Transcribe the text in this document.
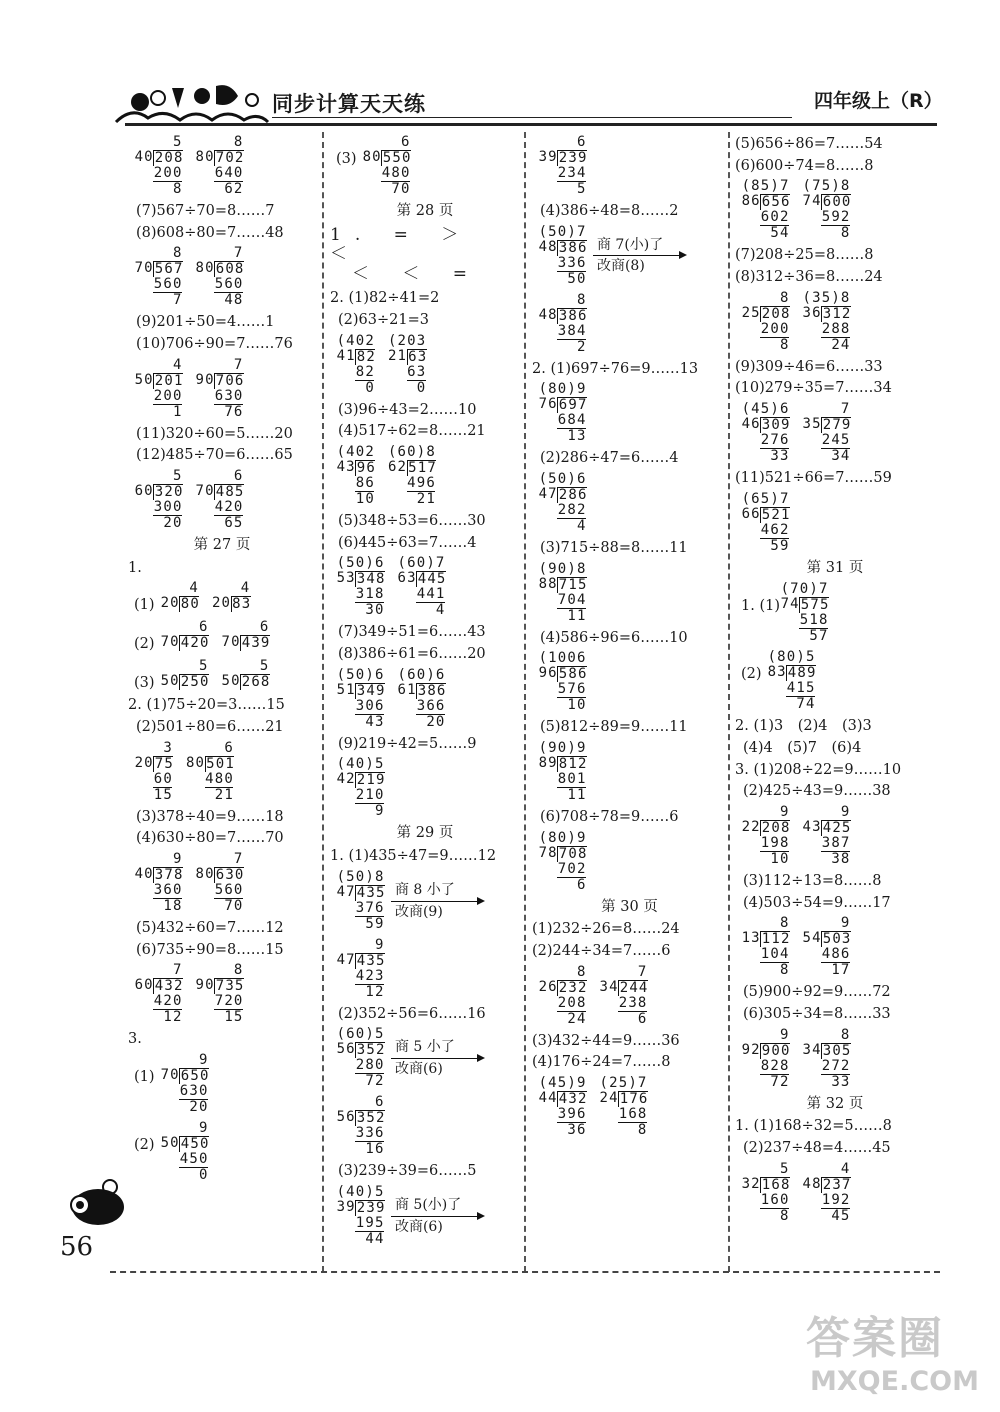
同步计算天天练	四年级上（R）
5
4 0 2 0 8
2 0 0
8
8
8 0 7 0 2
6 4 0
6 2
(7)567÷70=8……7
(8)608÷80=7……48
8
7 0 5 6 7
5 6 0
7
7
8 0 6 0 8
5 6 0
4 8
(9)201÷50=4……1
(10)706÷90=7……76
4
5 0 2 0 1
2 0 0
1
7
9 0 7 0 6
6 3 0
7 6
(11)320÷60=5……20
(12)485÷70=6……65
5
6 0 3 2 0
3 0 0
2 0
6
7 0 4 8 5
4 2 0
6 5
第 27 页
1.
(1)
4
2 0 8 0
4
2 0 8 3
(2)
6
7 0 4 2 0
6
7 0 4 3 9
(3)
5
5 0 2 5 0
5
5 0 2 6 8
2. (1)75÷20=3……15
(2)501÷80=6……21
3
2 0 7 5
6 0
1 5
6
8 0 5 0 1
4 8 0
2 1
(3)378÷40=9……18
(4)630÷80=7……70
9
4 0 3 7 8
3 6 0
1 8
7
8 0 6 3 0
5 6 0
7 0
(5)432÷60=7……12
(6)735÷90=8……15
7
6 0 4 3 2
4 2 0
1 2
8
9 0 7 3 5
7 2 0
1 5
3.
(1)
9
7 0 6 5 0
6 3 0
2 0
(2)
9
5 0 4 5 0
4 5 0
0
(3)
6
8 0 5 5 0
4 8 0
7 0
第 28 页
1. = ＞ ＜
＜ ＜ =
2. (1)82÷41=2
(2)63÷21=3
( 4 0 2
4 1 8 2
8 2
0
( 2 0 3
2 1 6 3
6 3
0
(3)96÷43=2……10
(4)517÷62=8……21
( 4 0 2
4 3 9 6
8 6
1 0
( 6 0 ) 8
6 2 5 1 7
4 9 6
2 1
(5)348÷53=6……30
(6)445÷63=7……4
( 5 0 ) 6
5 3 3 4 8
3 1 8
3 0
( 6 0 ) 7
6 3 4 4 5
4 4 1
4
(7)349÷51=6……43
(8)386÷61=6……20
( 5 0 ) 6
5 1 3 4 9
3 0 6
4 3
( 6 0 ) 6
6 1 3 8 6
3 6 6
2 0
(9)219÷42=5……9
( 4 0 ) 5
4 2 2 1 9
2 1 0
9
第 29 页
1. (1)435÷47=9……12
( 5 0 ) 8
4 7 4 3 5
3 7 6
5 9
商 8 小了
改商(9)
9
4 7 4 3 5
4 2 3
1 2
(2)352÷56=6……16
( 6 0 ) 5
5 6 3 5 2
2 8 0
7 2
商 5 小了
改商(6)
6
5 6 3 5 2
3 3 6
1 6
(3)239÷39=6……5
( 4 0 ) 5
3 9 2 3 9
1 9 5
4 4
商 5(小)了
改商(6)
6
3 9 2 3 9
2 3 4
5
(4)386÷48=8……2
( 5 0 ) 7
4 8 3 8 6
3 3 6
5 0
商 7(小)了
改商(8)
8
4 8 3 8 6
3 8 4
2
2. (1)697÷76=9……13
( 8 0 ) 9
7 6 6 9 7
6 8 4
1 3
(2)286÷47=6……4
( 5 0 ) 6
4 7 2 8 6
2 8 2
4
(3)715÷88=8……11
( 9 0 ) 8
8 8 7 1 5
7 0 4
1 1
(4)586÷96=6……10
( 1 0 0 6
9 6 5 8 6
5 7 6
1 0
(5)812÷89=9……11
( 9 0 ) 9
8 9 8 1 2
8 0 1
1 1
(6)708÷78=9……6
( 8 0 ) 9
7 8 7 0 8
7 0 2
6
第 30 页
(1)232÷26=8……24
(2)244÷34=7……6
8
2 6 2 3 2
2 0 8
2 4
7
3 4 2 4 4
2 3 8
6
(3)432÷44=9……36
(4)176÷24=7……8
( 4 5 ) 9
4 4 4 3 2
3 9 6
3 6
( 2 5 ) 7
2 4 1 7 6
1 6 8
8
(5)656÷86=7……54
(6)600÷74=8……8
( 8 5 ) 7
8 6 6 5 6
6 0 2
5 4
( 7 5 ) 8
7 4 6 0 0
5 9 2
8
(7)208÷25=8……8
(8)312÷36=8……24
8
2 5 2 0 8
2 0 0
8
( 3 5 ) 8
3 6 3 1 2
2 8 8
2 4
(9)309÷46=6……33
(10)279÷35=7……34
( 4 5 ) 6
4 6 3 0 9
2 7 6
3 3
7
3 5 2 7 9
2 4 5
3 4
(11)521÷66=7……59
( 6 5 ) 7
6 6 5 2 1
4 6 2
5 9
第 31 页
1. (1)
( 7 0 ) 7
7 4 5 7 5
5 1 8
5 7
(2)
( 8 0 ) 5
8 3 4 8 9
4 1 5
7 4
2. (1)3　(2)4　(3)3
(4)4　(5)7　(6)4
3. (1)208÷22=9……10
(2)425÷43=9……38
9
2 2 2 0 8
1 9 8
1 0
9
4 3 4 2 5
3 8 7
3 8
(3)112÷13=8……8
(4)503÷54=9……17
8
1 3 1 1 2
1 0 4
8
9
5 4 5 0 3
4 8 6
1 7
(5)900÷92=9……72
(6)305÷34=8……33
9
9 2 9 0 0
8 2 8
7 2
8
3 4 3 0 5
2 7 2
3 3
第 32 页
1. (1)168÷32=5……8
(2)237÷48=4……45
5
3 2 1 6 8
1 6 0
8
4
4 8 2 3 7
1 9 2
4 5
56
答案圈
MXQE.COM
